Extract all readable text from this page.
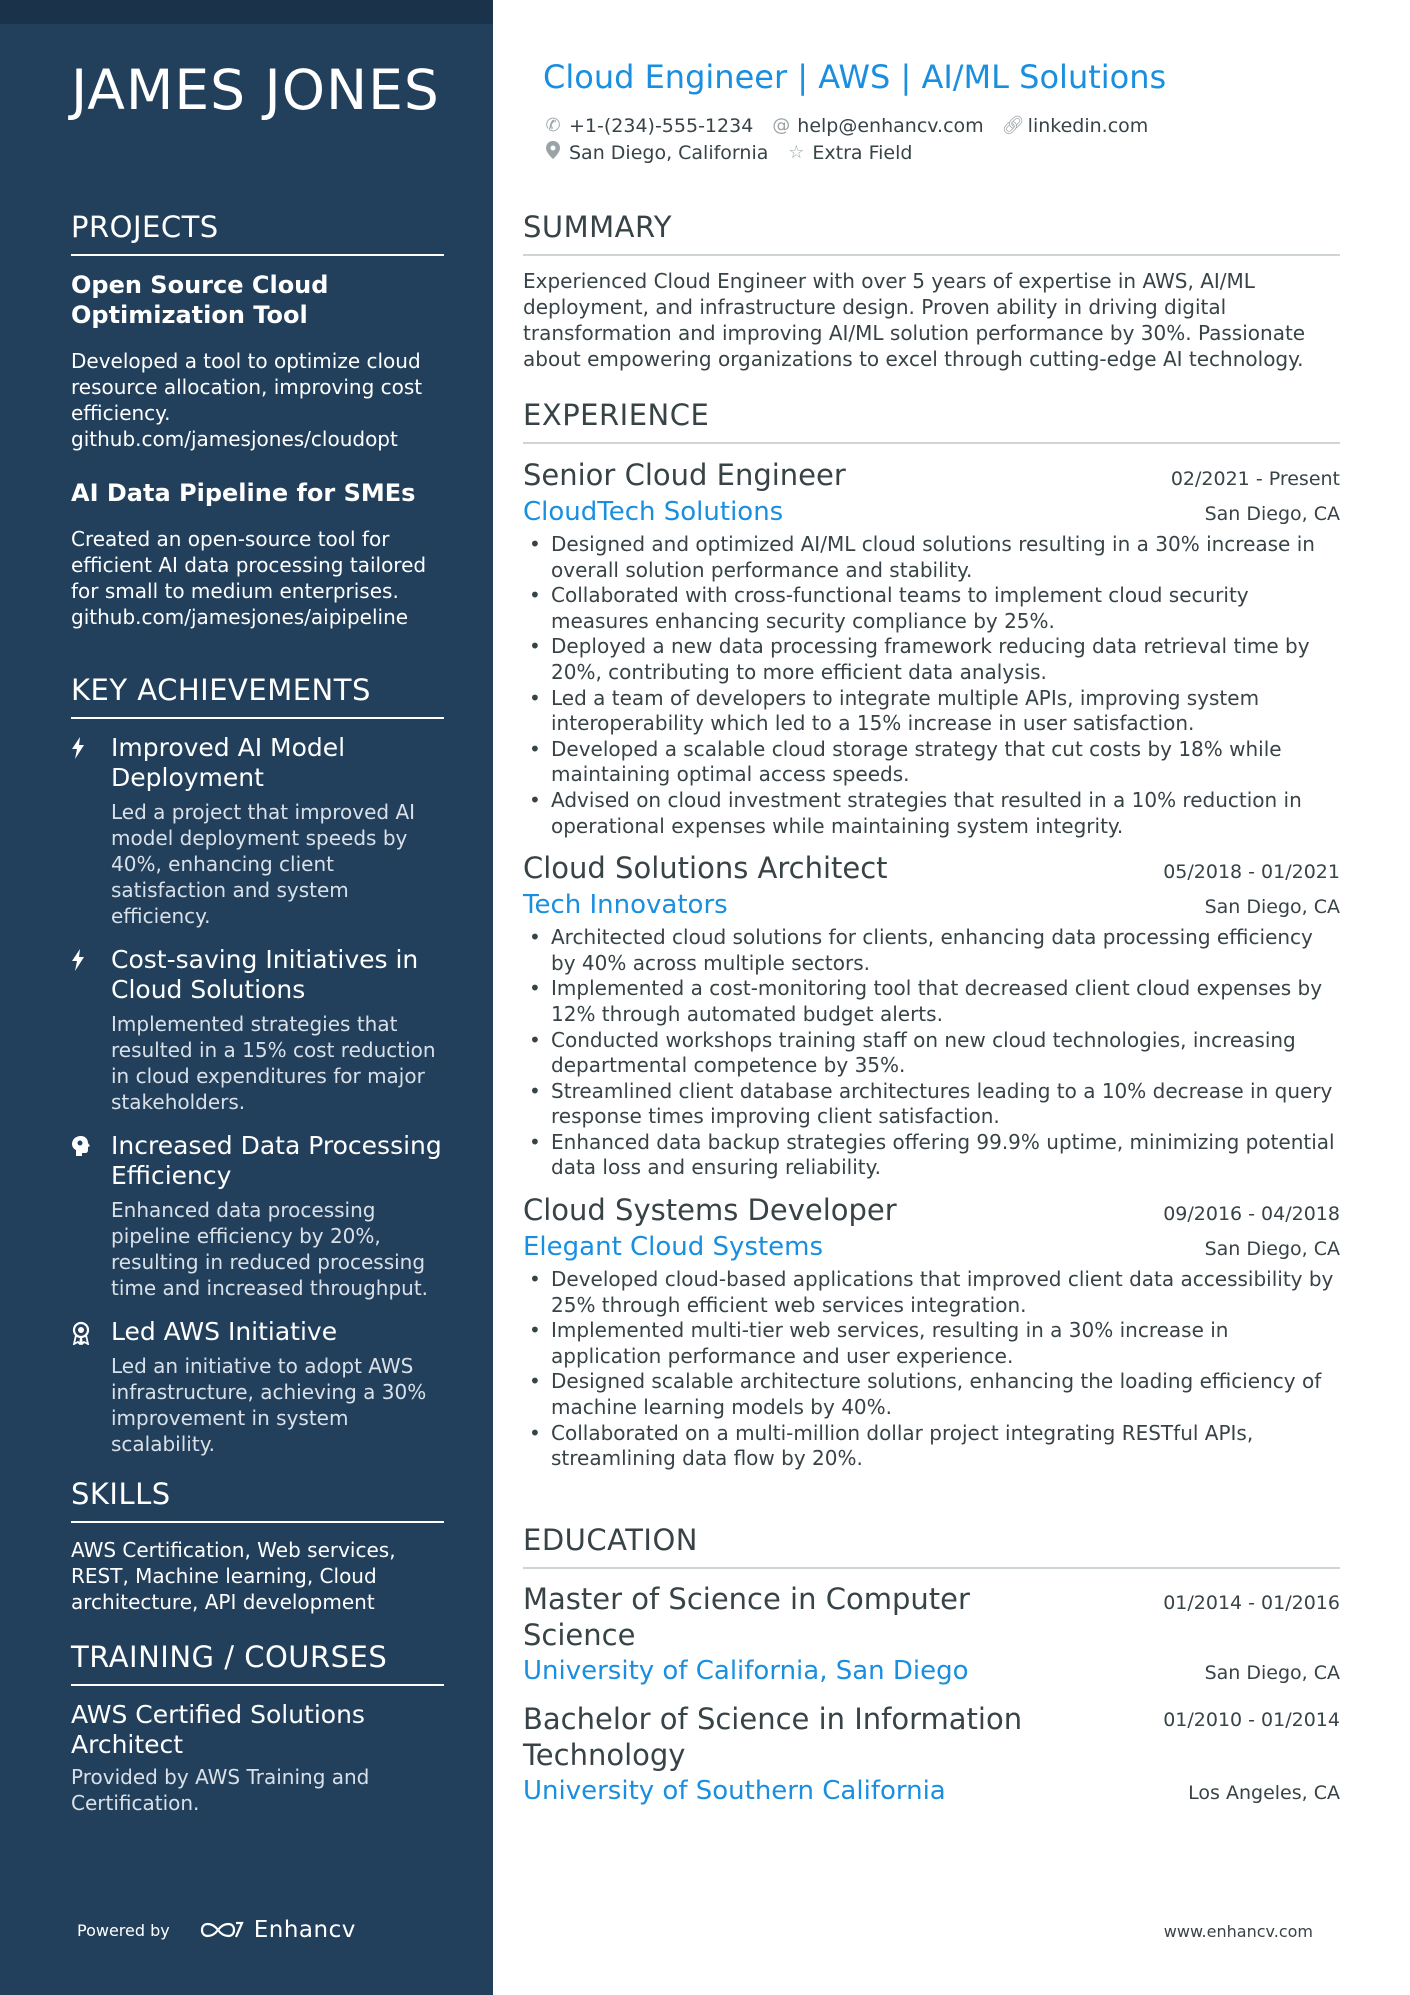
JAMES JONES
PROJECTS
Open Source Cloud Optimization Tool
Developed a tool to optimize cloud resource allocation, improving cost efficiency. github.com/jamesjones/cloudopt
AI Data Pipeline for SMEs
Created an open-source tool for efficient AI data processing tailored for small to medium enterprises. github.com/jamesjones/aipipeline
KEY ACHIEVEMENTS
Improved AI Model Deployment
Led a project that improved AI model deployment speeds by 40%, enhancing client satisfaction and system efficiency.
Cost-saving Initiatives in Cloud Solutions
Implemented strategies that resulted in a 15% cost reduction in cloud expenditures for major stakeholders.
Increased Data Processing Efficiency
Enhanced data processing pipeline efficiency by 20%, resulting in reduced processing time and increased throughput.
Led AWS Initiative
Led an initiative to adopt AWS infrastructure, achieving a 30% improvement in system scalability.
SKILLS
AWS Certification, Web services, REST, Machine learning, Cloud architecture, API development
TRAINING / COURSES
AWS Certified Solutions Architect
Provided by AWS Training and Certification.
Powered by	Enhancv
Cloud Engineer | AWS | AI/ML Solutions
✆ +1-(234)-555-1234 @ help@enhancv.com 🔗︎ linkedin.com
San Diego, California ☆ Extra Field
SUMMARY
Experienced Cloud Engineer with over 5 years of expertise in AWS, AI/ML deployment, and infrastructure design. Proven ability in driving digital transformation and improving AI/ML solution performance by 30%. Passionate about empowering organizations to excel through cutting-edge AI technology.
EXPERIENCE
Senior Cloud Engineer	02/2021 - Present
CloudTech Solutions	San Diego, CA
• Designed and optimized AI/ML cloud solutions resulting in a 30% increase in overall solution performance and stability.
• Collaborated with cross-functional teams to implement cloud security measures enhancing security compliance by 25%.
• Deployed a new data processing framework reducing data retrieval time by 20%, contributing to more efficient data analysis.
• Led a team of developers to integrate multiple APIs, improving system interoperability which led to a 15% increase in user satisfaction.
• Developed a scalable cloud storage strategy that cut costs by 18% while maintaining optimal access speeds.
• Advised on cloud investment strategies that resulted in a 10% reduction in operational expenses while maintaining system integrity.
Cloud Solutions Architect	05/2018 - 01/2021
Tech Innovators	San Diego, CA
• Architected cloud solutions for clients, enhancing data processing efficiency by 40% across multiple sectors.
• Implemented a cost-monitoring tool that decreased client cloud expenses by 12% through automated budget alerts.
• Conducted workshops training staff on new cloud technologies, increasing departmental competence by 35%.
• Streamlined client database architectures leading to a 10% decrease in query response times improving client satisfaction.
• Enhanced data backup strategies offering 99.9% uptime, minimizing potential data loss and ensuring reliability.
Cloud Systems Developer	09/2016 - 04/2018
Elegant Cloud Systems	San Diego, CA
• Developed cloud-based applications that improved client data accessibility by 25% through efficient web services integration.
• Implemented multi-tier web services, resulting in a 30% increase in application performance and user experience.
• Designed scalable architecture solutions, enhancing the loading efficiency of machine learning models by 40%.
• Collaborated on a multi-million dollar project integrating RESTful APIs, streamlining data flow by 20%.
EDUCATION
Master of Science in Computer Science
01/2014 - 01/2016
University of California, San Diego	San Diego, CA
Bachelor of Science in Information Technology
01/2010 - 01/2014
University of Southern California	Los Angeles, CA
www.enhancv.com
